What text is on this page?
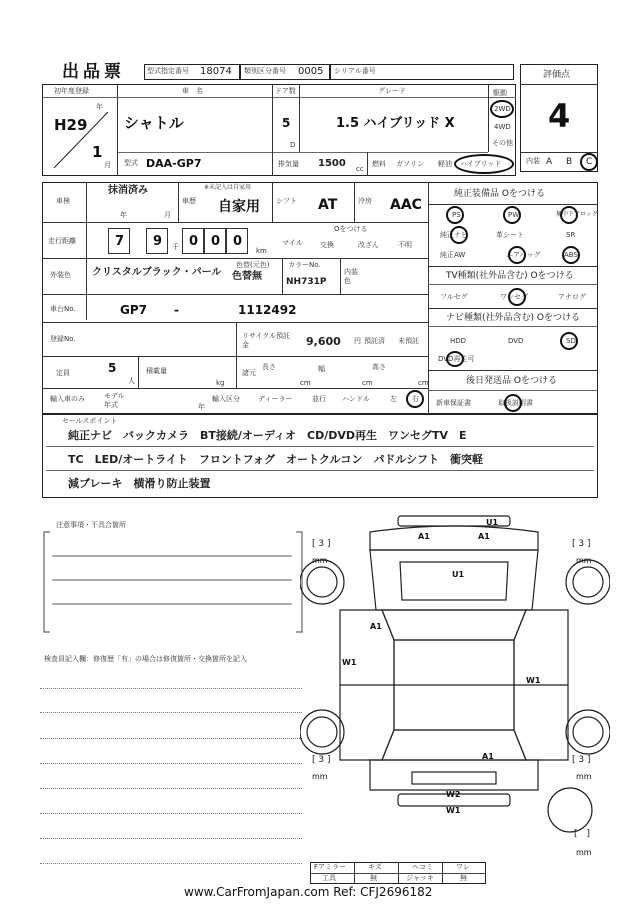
出品票	型式指定番号 18074 類別区分番号 0005 シリアル番号	評価点
4
内装 A B C
初年度登録
H29
年
1
月
車　名
シャトル
ドア数
5
D
グレード
1.5 ハイブリッド X
駆動
2WD
4WD
その他
型式 DAA-GP7	排気量 1500 cc
燃料 ガソリン 軽油 ハイブリッド
車検
抹消済み
年	月
車歴
※未記入は自家用
自家用 シフト AT	冷房 AAC
走行距離	7 9 千 0 0 0
km
マイル
Oをつける
交換	改ざん	不明
外装色 クリスタルブラック・パール
色替(元色)
色替無
カラーNo.
NH731P
内装色
車台No.	GP7 -	1112492
登録No.	リサイクル預託金	9,600 円 預託済 未預託
定員	5
人
積載量
kg
諸元
長さ
cm
幅
cm
高さ
cm
輸入車のみ	モデル年式	年
輸入区分	ディーラー	並行 ハンドル	左 右
純正装備品 Oをつける
PS	PW	集中ドアロック
純正ナビ	革シート	SR
純正AW	エアバッグ	ABS
TV種類(社外品含む) Oをつける
フルセグ	ワンセグ	アナログ
ナビ種類(社外品含む) Oをつける
HDD	DVD	SD
DVD再生可
後日発送品 Oをつける
新車保証書	取扱説明書
セールスポイント
純正ナビ　バックカメラ　BT接続/オーディオ　CD/DVD再生　ワンセグTV　E
TC　LED/オートライト　フロントフォグ　オートクルコン　パドルシフト　衝突軽
減ブレーキ　横滑り防止装置
注意事項・不具合箇所
検査員記入欄：修復歴「有」の場合は修復箇所・交換箇所を記入
U1
A1	A1
U1
A1
W1
W1
A1
W2
W1
[ 3 ]
mm
[ 3 ]
mm
[ 3 ]
mm
[ 3 ]
mm
[　]
mm
Fアミラー	キズ	ヘコミ	ワレ
工具	無	ジャッキ	無
www.CarFromJapan.com Ref: CFJ2696182
